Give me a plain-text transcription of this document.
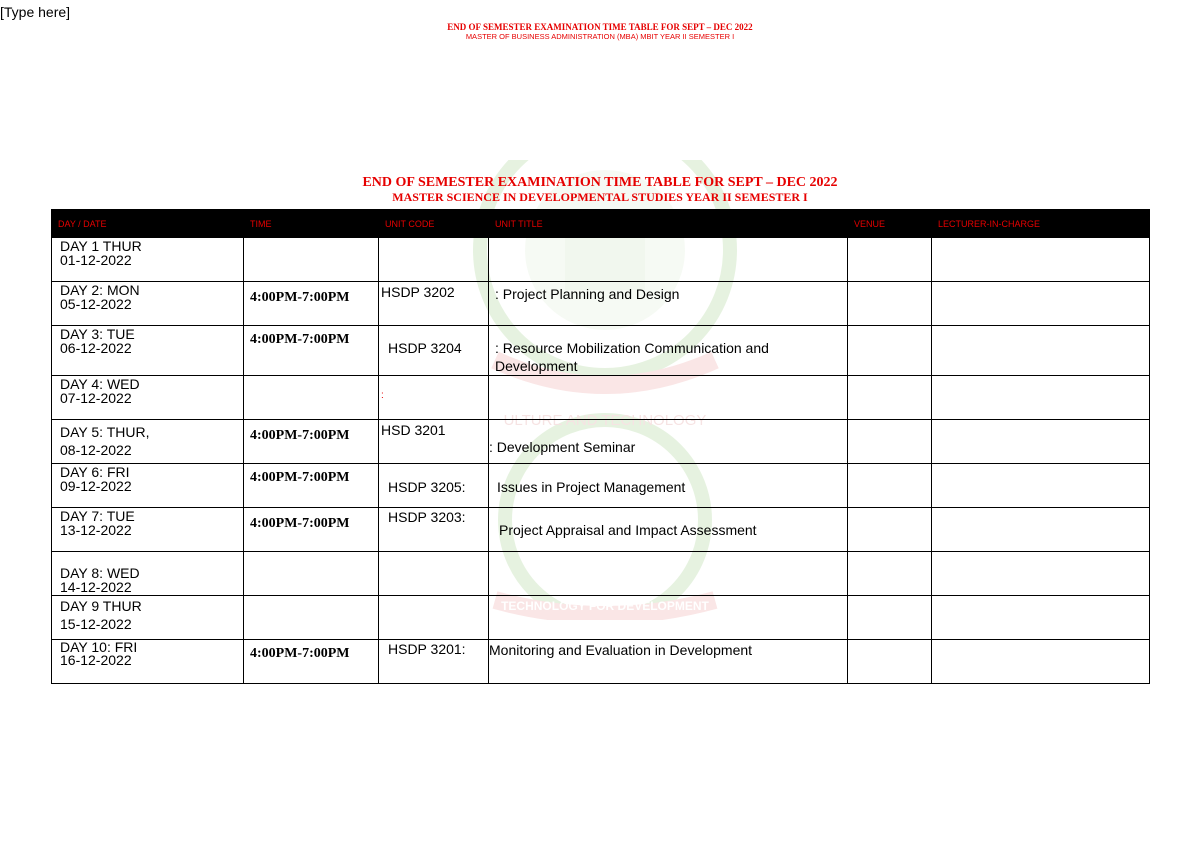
[Type here]
END OF SEMESTER EXAMINATION TIME TABLE FOR SEPT – DEC 2022
MASTER OF BUSINESS ADMINISTRATION (MBA) MBIT YEAR II SEMESTER I
ULTURE AND TECHNOLOGY
TECHNOLOGY FOR DEVELOPMENT
END OF SEMESTER EXAMINATION TIME TABLE FOR SEPT – DEC 2022
MASTER SCIENCE IN DEVELOPMENTAL STUDIES YEAR II SEMESTER I
DAY / DATE	TIME	UNIT CODE	UNIT TITLE	VENUE	LECTURER-IN-CHARGE

DAY 1 THUR
01-12-2022					

DAY 2: MON
05-12-2022	4:00PM-7:00PM	HSDP 3202	: Project Planning and Design		

DAY 3: TUE
06-12-2022	4:00PM-7:00PM	HSDP 3204	: Resource Mobilization Communication and Development		

DAY 4: WED
07-12-2022		:			

DAY 5: THUR,
08-12-2022	4:00PM-7:00PM	HSD 3201	: Development Seminar		

DAY 6: FRI
09-12-2022	4:00PM-7:00PM	HSDP 3205:	Issues in Project Management		

DAY 7: TUE
13-12-2022	4:00PM-7:00PM	HSDP 3203:	Project Appraisal and Impact Assessment		

DAY 8: WED
14-12-2022					

DAY 9 THUR
15-12-2022					

DAY 10: FRI
16-12-2022	4:00PM-7:00PM	HSDP 3201:	Monitoring and Evaluation in Development		
